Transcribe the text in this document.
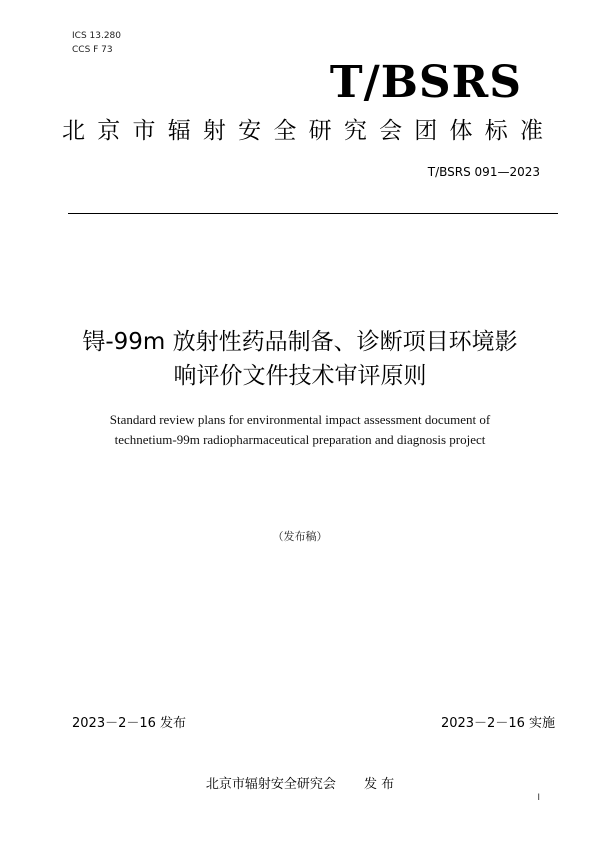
ICS 13.280
CCS F 73
T/BSRS
北京市辐射安全研究会团体标准
T/BSRS 091—2023
锝-99m 放射性药品制备、诊断项目环境影
响评价文件技术审评原则
Standard review plans for environmental impact assessment document of
technetium-99m radiopharmaceutical preparation and diagnosis project
（发布稿）
2023－2－16 发布	2023－2－16 实施
北京市辐射安全研究会 发 布
I
